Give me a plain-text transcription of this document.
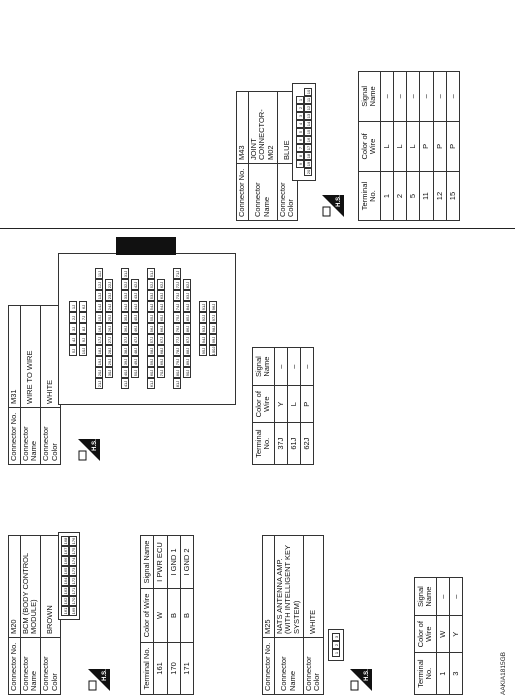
Connector No.	M20
Connector Name	BCM (BODY CONTROL MODULE)
Connector Color	BROWN
H.S.
161
162
163
164
165
166
167
168
169
170
171
172
173
174
175
176
Terminal No.	Color of Wire	Signal Name
161	W	I PWR ECU
170	B	I GND 1
171	B	I GND 2
Connector No.	M25
Connector Name	NATS ANTENNA AMP. (WITH INTELLIGENT KEY SYSTEM)
Connector Color	WHITE
H.S.
1
2
3
Terminal No.	Color of Wire	Signal Name
1	W	–
3	Y	–
Connector No.	M43
Connector Name	JOINT CONNECTOR-M02
Connector Color	BLUE
H.S.
9
8
7
6
5
4
3
2
1
20
19
18
17
16
15
14
13
12
11
10
Terminal No.	Color of Wire	Signal Name
1	L	–
2	L	–
5	L	–
11	P	–
12	P	–
15	P	–
AAKIA1815GB
Connector No.	M31
Connector Name	WIRE TO WIRE
Connector Color	WHITE
H.S.
5J
4J
3J
2J
1J
10J
9J
8J
7J
6J
21J
20J
19J
18J
17J
16J
15J
14J
13J
12J
11J
30J
29J
28J
27J
26J
25J
24J
23J
22J
41J
40J
39J
38J
37J
36J
35J
34J
33J
32J
31J
50J
49J
48J
47J
46J
45J
44J
43J
42J
61J
60J
59J
58J
57J
56J
55J
54J
53J
52J
51J
70J
69J
68J
67J
66J
65J
64J
63J
62J
81J
80J
79J
78J
77J
76J
75J
74J
73J
72J
71J
90J
89J
88J
87J
86J
85J
84J
83J
82J
95J
94J
93J
92J
91J
100J
99J
98J
97J
96J
Terminal No.	Color of Wire	Signal Name
37J	Y	–
61J	L	–
62J	P	–
